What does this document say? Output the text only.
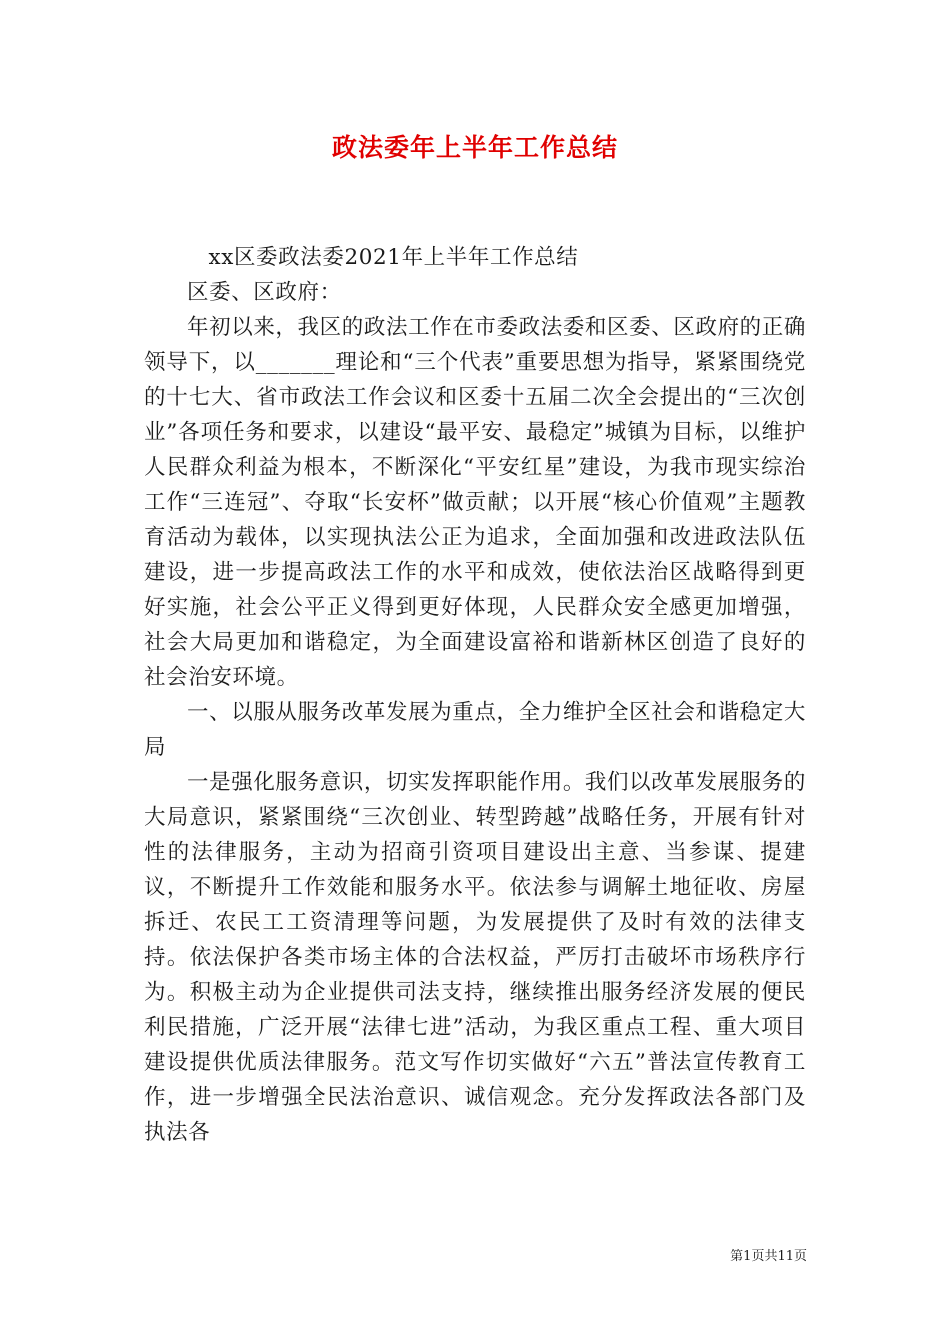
政法委年上半年工作总结

xx区委政法委2021年上半年工作总结

区委、区政府：

年初以来，我区的政法工作在市委政法委和区委、区政府的正确领导下，以_______理论和“三个代表”重要思想为指导，紧紧围绕党的十七大、省市政法工作会议和区委十五届二次全会提出的“三次创业”各项任务和要求，以建设“最平安、最稳定”城镇为目标，以维护人民群众利益为根本，不断深化“平安红星”建设，为我市现实综治工作“三连冠”、夺取“长安杯”做贡献；以开展“核心价值观”主题教育活动为载体，以实现执法公正为追求，全面加强和改进政法队伍建设，进一步提高政法工作的水平和成效，使依法治区战略得到更好实施，社会公平正义得到更好体现，人民群众安全感更加增强，社会大局更加和谐稳定，为全面建设富裕和谐新林区创造了良好的社会治安环境。

一、以服从服务改革发展为重点，全力维护全区社会和谐稳定大局

一是强化服务意识，切实发挥职能作用。我们以改革发展服务的大局意识，紧紧围绕“三次创业、转型跨越”战略任务，开展有针对性的法律服务，主动为招商引资项目建设出主意、当参谋、提建议，不断提升工作效能和服务水平。依法参与调解土地征收、房屋拆迁、农民工工资清理等问题，为发展提供了及时有效的法律支持。依法保护各类市场主体的合法权益，严厉打击破坏市场秩序行为。积极主动为企业提供司法支持，继续推出服务经济发展的便民利民措施，广泛开展“法律七进”活动，为我区重点工程、重大项目建设提供优质法律服务。范文写作切实做好“六五”普法宣传教育工作，进一步增强全民法治意识、诚信观念。充分发挥政法各部门及执法各

第1页共11页
